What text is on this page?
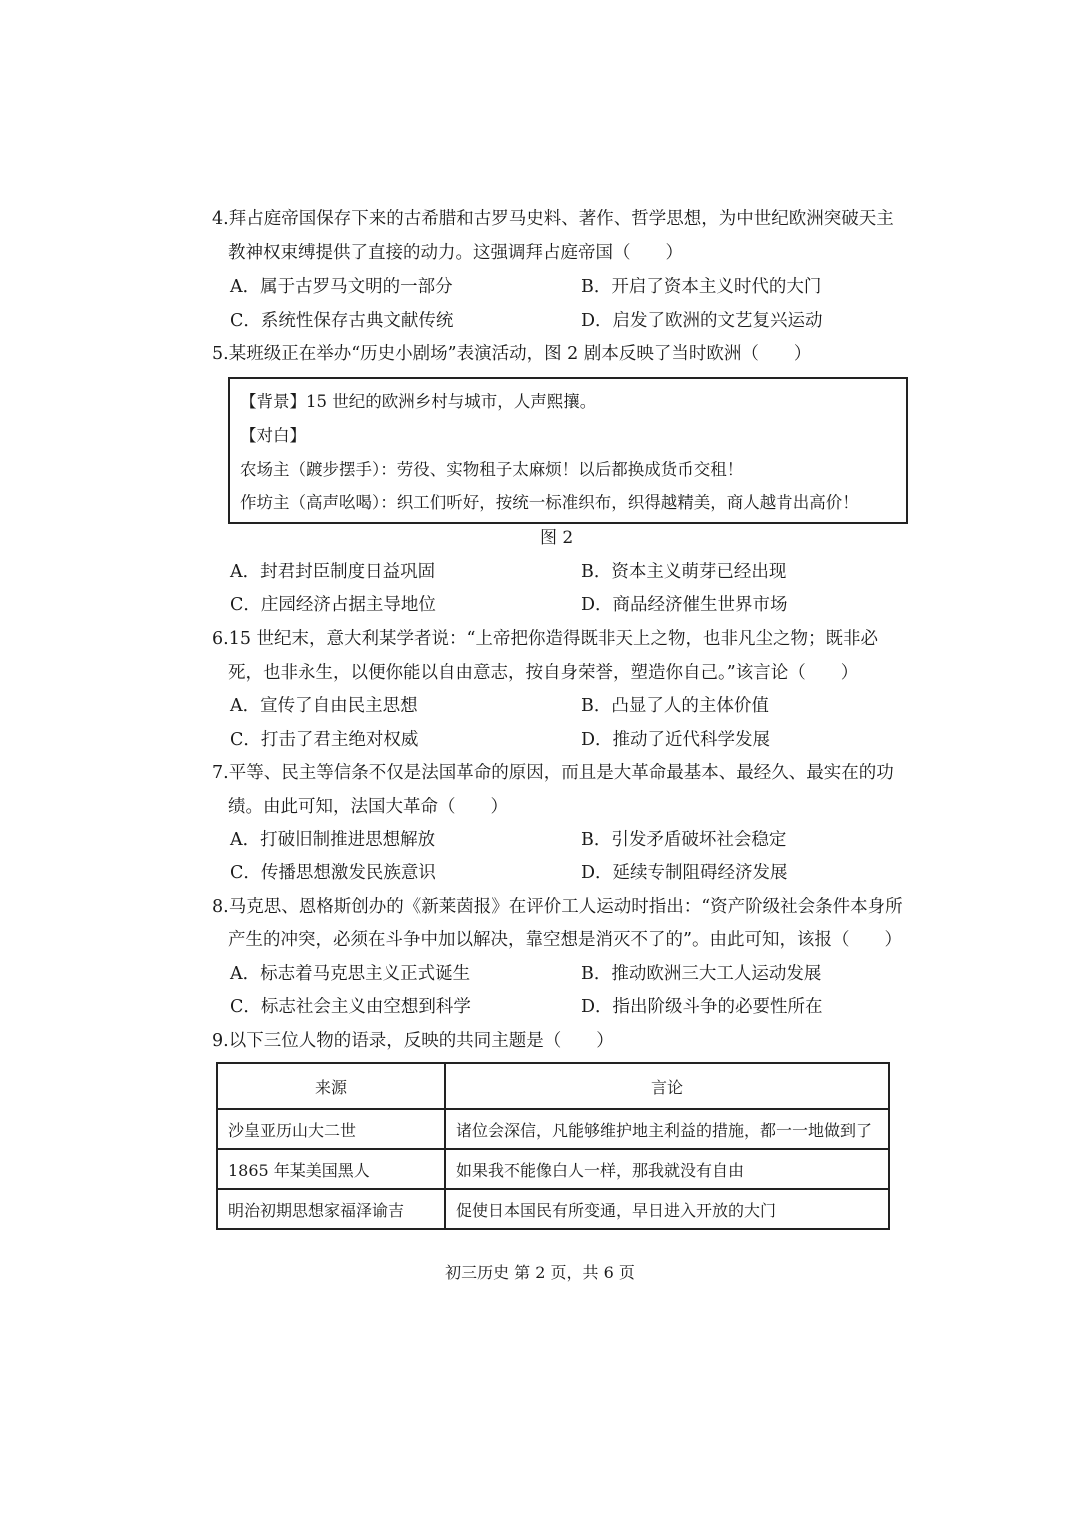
4.拜占庭帝国保存下来的古希腊和古罗马史料、著作、哲学思想，为中世纪欧洲突破天主
教神权束缚提供了直接的动力。这强调拜占庭帝国（　　）
A．属于古罗马文明的一部分	B．开启了资本主义时代的大门
C．系统性保存古典文献传统	D．启发了欧洲的文艺复兴运动
5.某班级正在举办“历史小剧场”表演活动，图 2 剧本反映了当时欧洲（　　）
【背景】15 世纪的欧洲乡村与城市，人声熙攘。
【对白】
农场主（踱步摆手）：劳役、实物租子太麻烦！以后都换成货币交租！
作坊主（高声吆喝）：织工们听好，按统一标准织布，织得越精美，商人越肯出高价！
图 2
A．封君封臣制度日益巩固	B．资本主义萌芽已经出现
C．庄园经济占据主导地位	D．商品经济催生世界市场
6.15 世纪末，意大利某学者说：“上帝把你造得既非天上之物，也非凡尘之物；既非必
死，也非永生，以便你能以自由意志，按自身荣誉，塑造你自己。”该言论（　　）
A．宣传了自由民主思想	B．凸显了人的主体价值
C．打击了君主绝对权威	D．推动了近代科学发展
7.平等、民主等信条不仅是法国革命的原因，而且是大革命最基本、最经久、最实在的功
绩。由此可知，法国大革命（　　）
A．打破旧制推进思想解放	B．引发矛盾破坏社会稳定
C．传播思想激发民族意识	D．延续专制阻碍经济发展
8.马克思、恩格斯创办的《新莱茵报》在评价工人运动时指出：“资产阶级社会条件本身所
产生的冲突，必须在斗争中加以解决，靠空想是消灭不了的”。由此可知，该报（　　）
A．标志着马克思主义正式诞生	B．推动欧洲三大工人运动发展
C．标志社会主义由空想到科学	D．指出阶级斗争的必要性所在
9.以下三位人物的语录，反映的共同主题是（　　）
来源	言论
沙皇亚历山大二世	诸位会深信，凡能够维护地主利益的措施，都一一地做到了
1865 年某美国黑人	如果我不能像白人一样，那我就没有自由
明治初期思想家福泽谕吉	促使日本国民有所变通，早日进入开放的大门
初三历史 第 2 页，共 6 页
